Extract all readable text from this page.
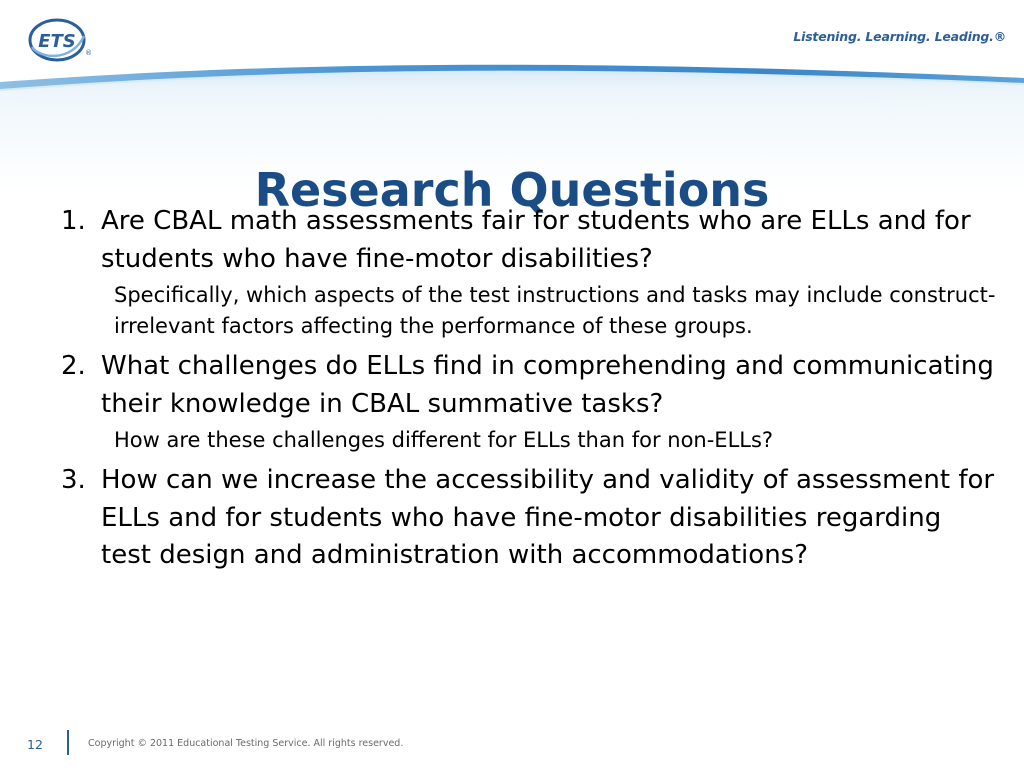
ETS
®
Listening. Learning. Leading.®
Research Questions
1. Are CBAL math assessments fair for students who are ELLs and for students who have fine-motor disabilities?

Specifically, which aspects of the test instructions and tasks may include construct-irrelevant factors affecting the performance of these groups.

2. What challenges do ELLs find in comprehending and communicating their knowledge in CBAL summative tasks?

How are these challenges different for ELLs than for non-ELLs?

3. How can we increase the accessibility and validity of assessment for ELLs and for students who have fine-motor disabilities regarding test design and administration with accommodations?

12	Copyright © 2011 Educational Testing Service. All rights reserved.
